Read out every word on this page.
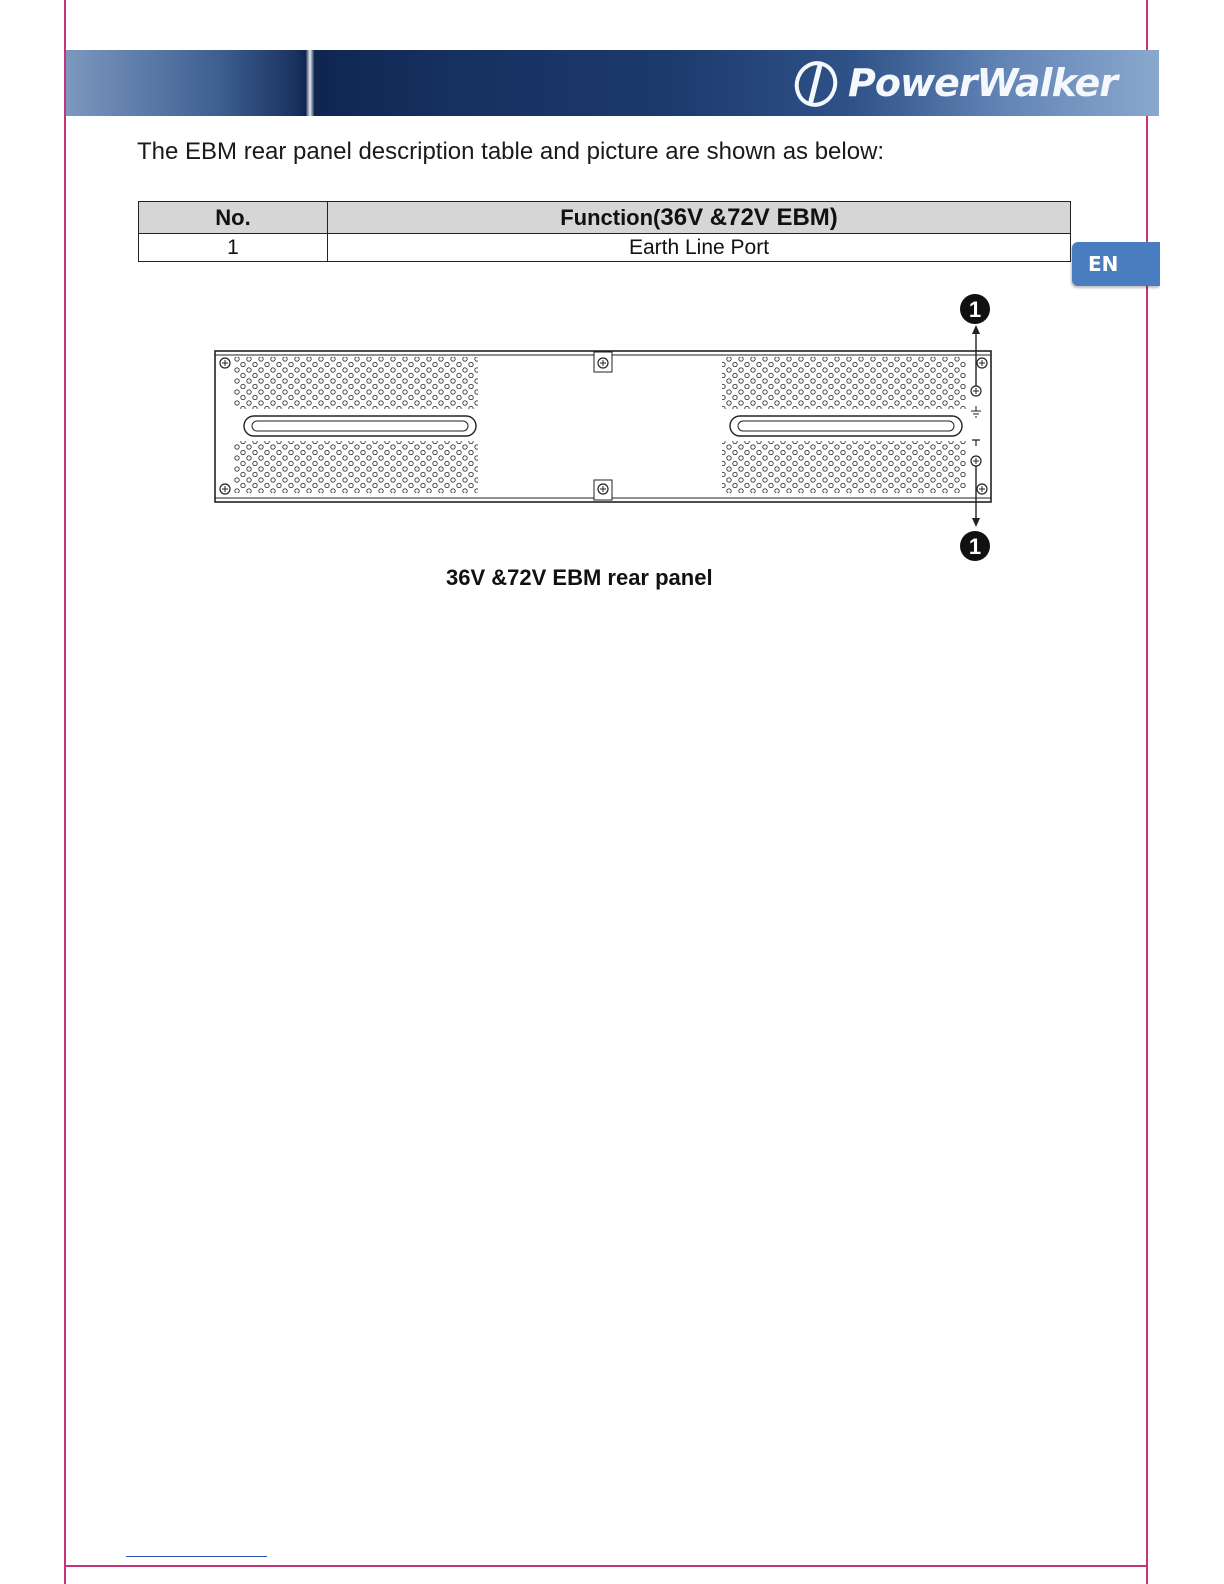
PowerWalker
EN
The EBM rear panel description table and picture are shown as below:
No.	Function(36V &72V EBM)
1	Earth Line Port
1
1
36V &72V EBM rear panel
